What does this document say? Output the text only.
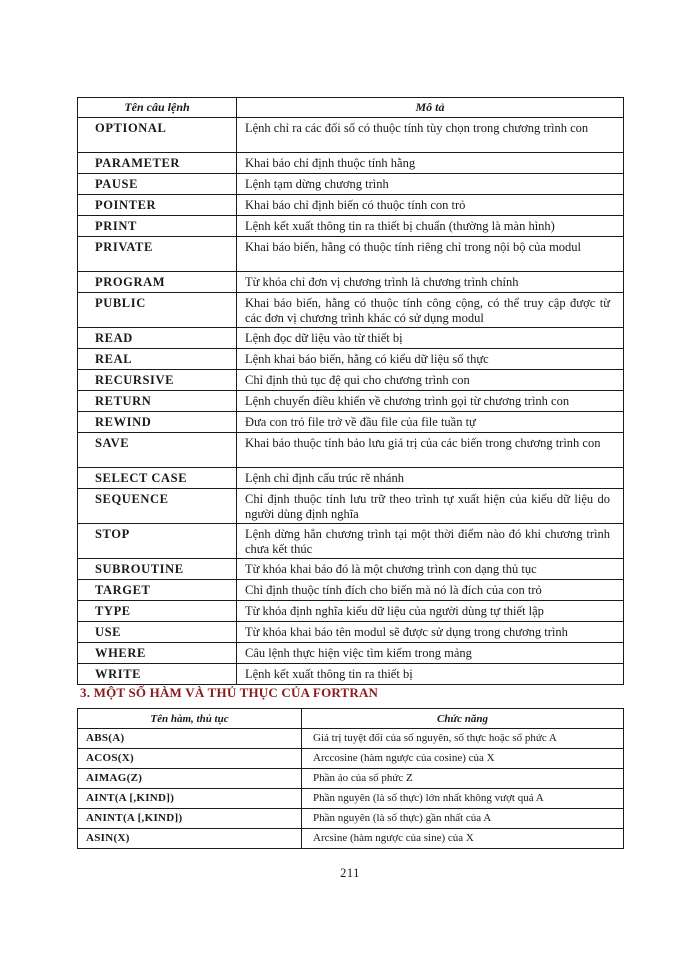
Tên câu lệnh	Mô tả
OPTIONAL	Lệnh chỉ ra các đối số có thuộc tính tùy chọn trong chương trình con
PARAMETER	Khai báo chỉ định thuộc tính hằng
PAUSE	Lệnh tạm dừng chương trình
POINTER	Khai báo chỉ định biến có thuộc tính con trỏ
PRINT	Lệnh kết xuất thông tin ra thiết bị chuẩn (thường là màn hình)
PRIVATE	Khai báo biến, hằng có thuộc tính riêng chỉ trong nội bộ của modul
PROGRAM	Từ khóa chỉ đơn vị chương trình là chương trình chính
PUBLIC	Khai báo biến, hằng có thuộc tính công cộng, có thể truy cập được từ các đơn vị chương trình khác có sử dụng modul
READ	Lệnh đọc dữ liệu vào từ thiết bị
REAL	Lệnh khai báo biến, hằng có kiểu dữ liệu số thực
RECURSIVE	Chỉ định thủ tục đệ qui cho chương trình con
RETURN	Lệnh chuyển điều khiển về chương trình gọi từ chương trình con
REWIND	Đưa con trỏ file trở về đầu file của file tuần tự
SAVE	Khai báo thuộc tính bảo lưu giá trị của các biến trong chương trình con
SELECT CASE	Lệnh chỉ định cấu trúc rẽ nhánh
SEQUENCE	Chỉ định thuộc tính lưu trữ theo trình tự xuất hiện của kiểu dữ liệu do người dùng định nghĩa
STOP	Lệnh dừng hẳn chương trình tại một thời điểm nào đó khi chương trình chưa kết thúc
SUBROUTINE	Từ khóa khai báo đó là một chương trình con dạng thủ tục
TARGET	Chỉ định thuộc tính đích cho biến mà nó là đích của con trỏ
TYPE	Từ khóa định nghĩa kiểu dữ liệu của người dùng tự thiết lập
USE	Từ khóa khai báo tên modul sẽ được sử dụng trong chương trình
WHERE	Câu lệnh thực hiện việc tìm kiếm trong mảng
WRITE	Lệnh kết xuất thông tin ra thiết bị
3. MỘT SỐ HÀM VÀ THỦ THỤC CỦA FORTRAN
Tên hàm, thủ tục	Chức năng
ABS(A)	Giá trị tuyệt đối của số nguyên, số thực hoặc số phức A
ACOS(X)	Arccosine (hàm ngược của cosine) của X
AIMAG(Z)	Phần ảo của số phức Z
AINT(A [,KIND])	Phần nguyên (là số thực) lớn nhất không vượt quá A
ANINT(A [,KIND])	Phần nguyên (là số thực) gần nhất của A
ASIN(X)	Arcsine (hàm ngược của sine) của X
211
